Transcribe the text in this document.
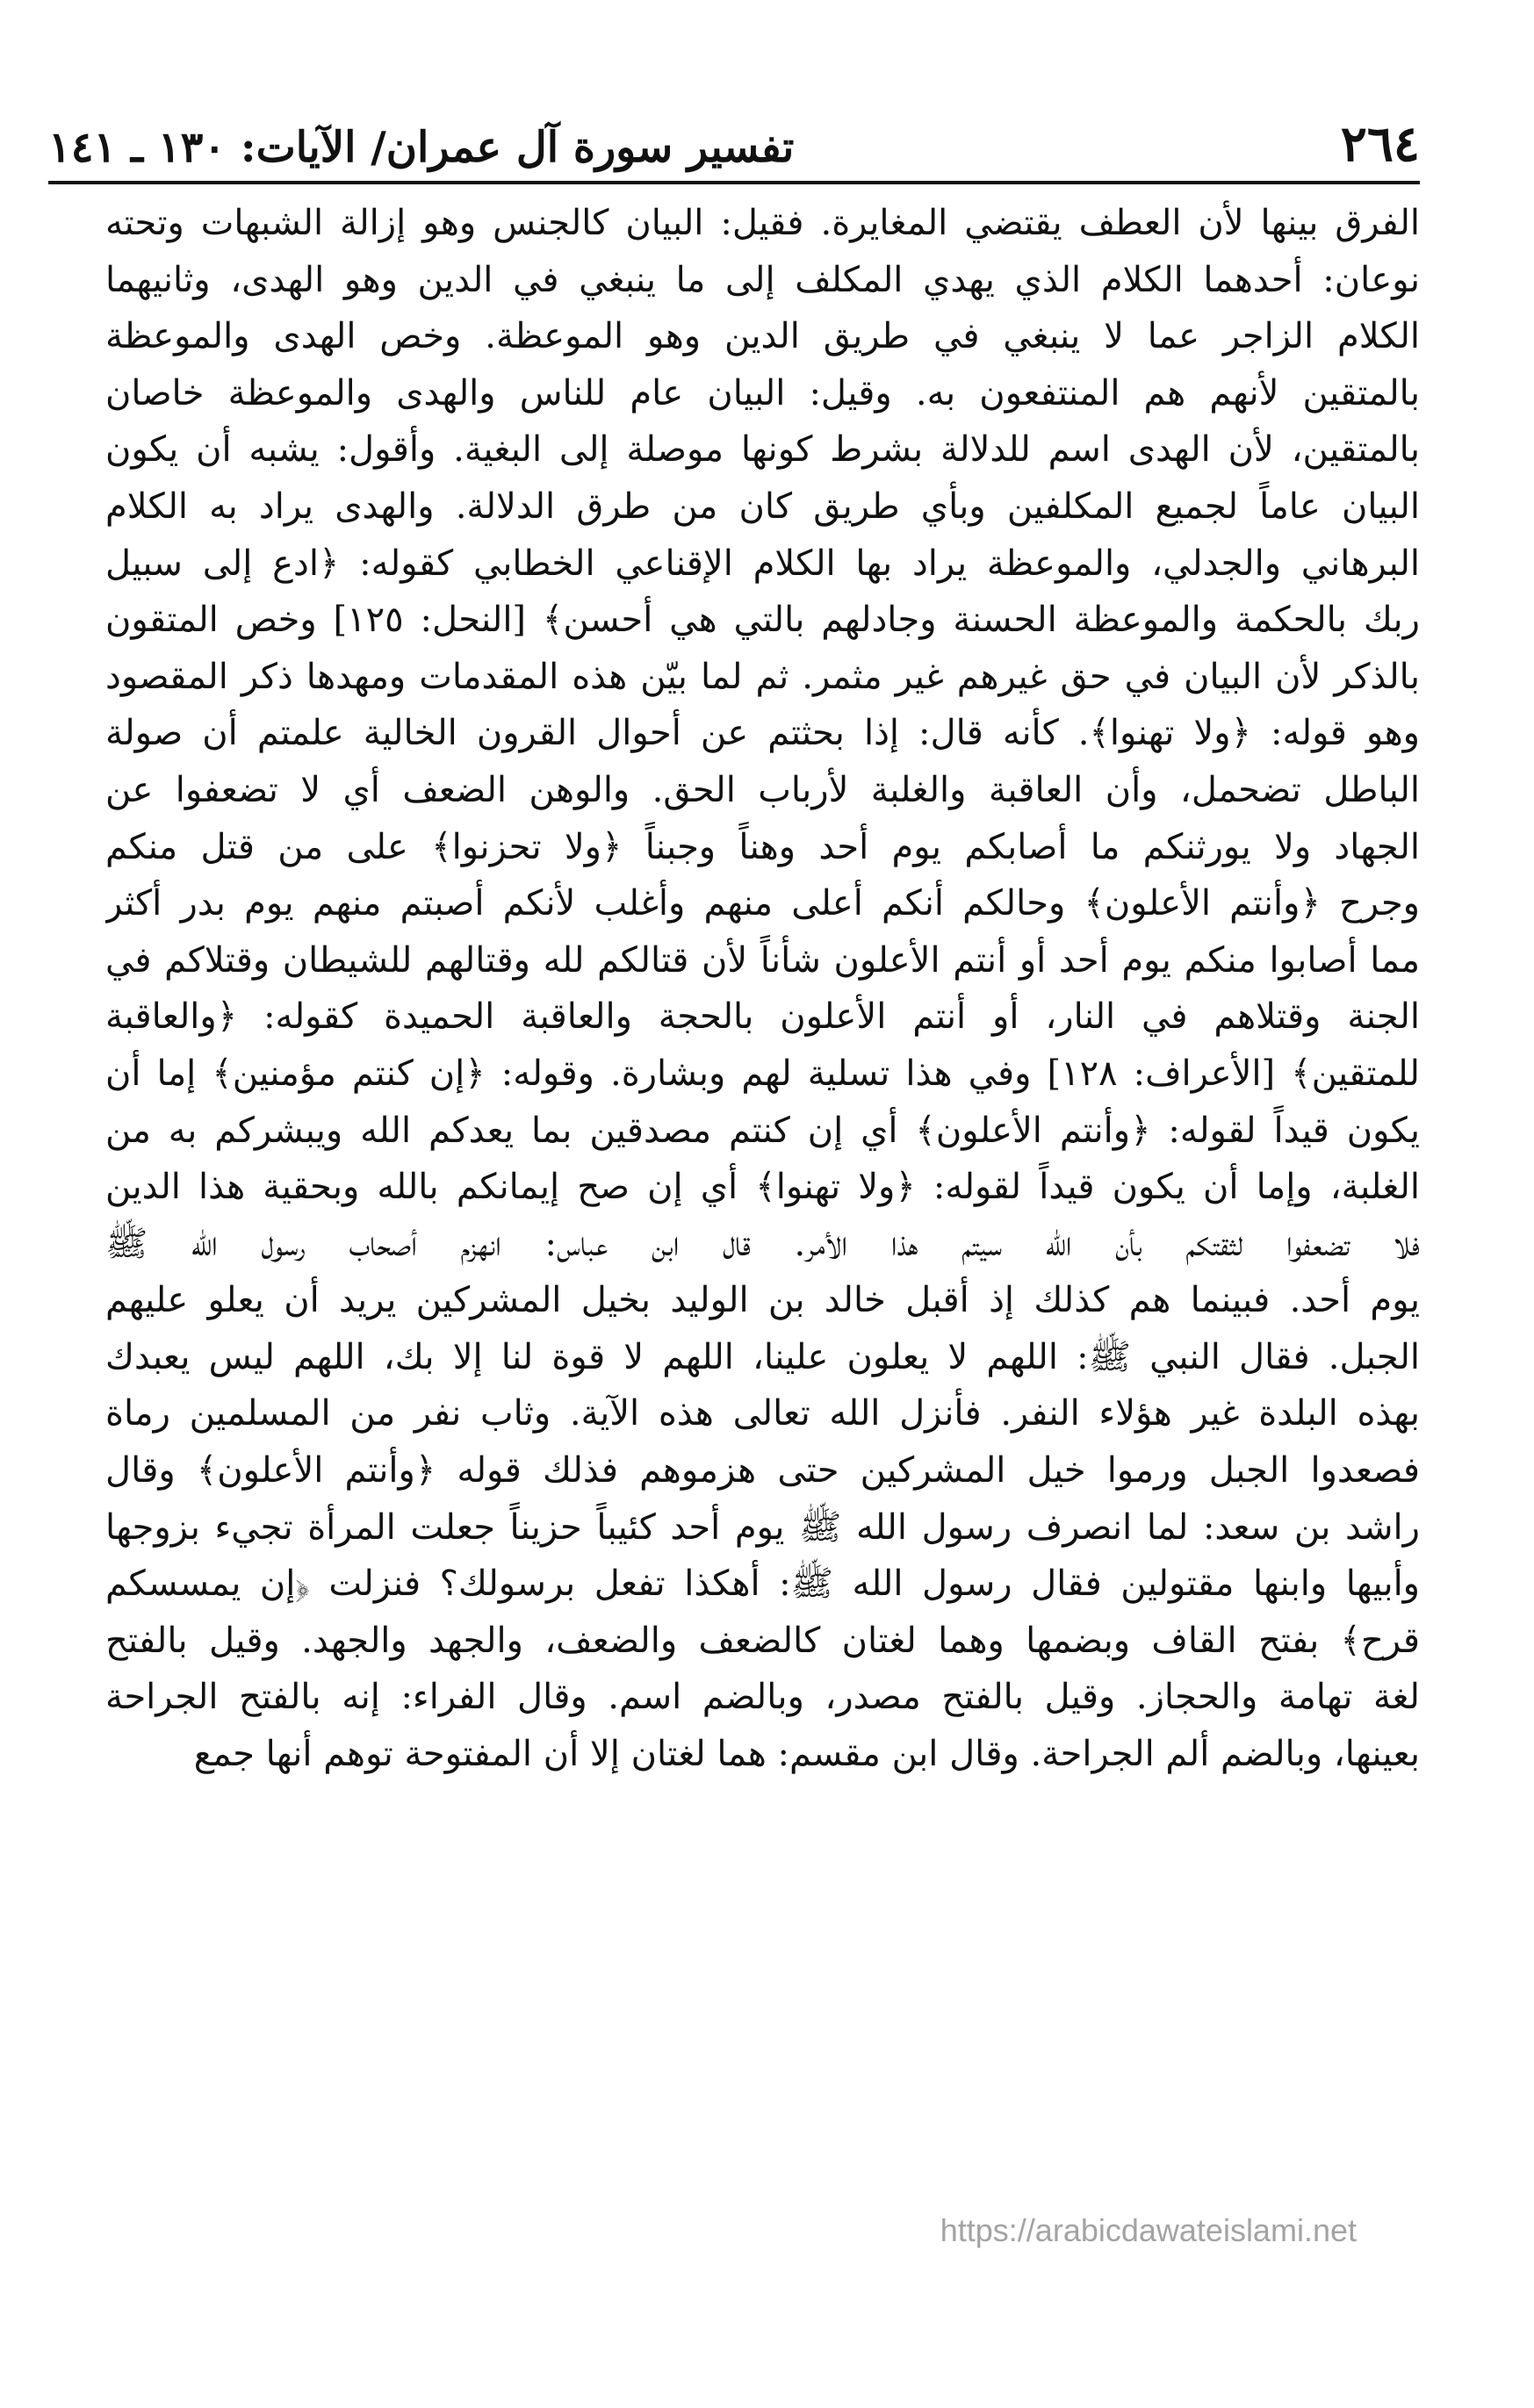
٢٦٤
تفسير سورة آل عمران/ الآيات: ١٣٠ ـ ١٤١
الفرق بينها لأن العطف يقتضي المغايرة. فقيل: البيان كالجنس وهو إزالة الشبهات وتحته
نوعان: أحدهما الكلام الذي يهدي المكلف إلى ما ينبغي في الدين وهو الهدى، وثانيهما
الكلام الزاجر عما لا ينبغي في طريق الدين وهو الموعظة. وخص الهدى والموعظة
بالمتقين لأنهم هم المنتفعون به. وقيل: البيان عام للناس والهدى والموعظة خاصان
بالمتقين، لأن الهدى اسم للدلالة بشرط كونها موصلة إلى البغية. وأقول: يشبه أن يكون
البيان عاماً لجميع المكلفين وبأي طريق كان من طرق الدلالة. والهدى يراد به الكلام
البرهاني والجدلي، والموعظة يراد بها الكلام الإقناعي الخطابي كقوله: ﴿ادع إلى سبيل
ربك بالحكمة والموعظة الحسنة وجادلهم بالتي هي أحسن﴾ [النحل: ١٢٥] وخص المتقون
بالذكر لأن البيان في حق غيرهم غير مثمر. ثم لما بيّن هذه المقدمات ومهدها ذكر المقصود
وهو قوله: ﴿ولا تهنوا﴾. كأنه قال: إذا بحثتم عن أحوال القرون الخالية علمتم أن صولة
الباطل تضحمل، وأن العاقبة والغلبة لأرباب الحق. والوهن الضعف أي لا تضعفوا عن
الجهاد ولا يورثنكم ما أصابكم يوم أحد وهناً وجبناً ﴿ولا تحزنوا﴾ على من قتل منكم
وجرح ﴿وأنتم الأعلون﴾ وحالكم أنكم أعلى منهم وأغلب لأنكم أصبتم منهم يوم بدر أكثر
مما أصابوا منكم يوم أحد أو أنتم الأعلون شأناً لأن قتالكم لله وقتالهم للشيطان وقتلاكم في
الجنة وقتلاهم في النار، أو أنتم الأعلون بالحجة والعاقبة الحميدة كقوله: ﴿والعاقبة
للمتقين﴾ [الأعراف: ١٢٨] وفي هذا تسلية لهم وبشارة. وقوله: ﴿إن كنتم مؤمنين﴾ إما أن
يكون قيداً لقوله: ﴿وأنتم الأعلون﴾ أي إن كنتم مصدقين بما يعدكم الله ويبشركم به من
الغلبة، وإما أن يكون قيداً لقوله: ﴿ولا تهنوا﴾ أي إن صح إيمانكم بالله وبحقية هذا الدين
فلا تضعفوا لثقتكم بأن الله سيتم هذا الأمر. قال ابن عباس: انهزم أصحاب رسول الله ﷺ
يوم أحد. فبينما هم كذلك إذ أقبل خالد بن الوليد بخيل المشركين يريد أن يعلو عليهم
الجبل. فقال النبي ﷺ: اللهم لا يعلون علينا، اللهم لا قوة لنا إلا بك، اللهم ليس يعبدك
بهذه البلدة غير هؤلاء النفر. فأنزل الله تعالى هذه الآية. وثاب نفر من المسلمين رماة
فصعدوا الجبل ورموا خيل المشركين حتى هزموهم فذلك قوله ﴿وأنتم الأعلون﴾ وقال
راشد بن سعد: لما انصرف رسول الله ﷺ يوم أحد كئيباً حزيناً جعلت المرأة تجيء بزوجها
وأبيها وابنها مقتولين فقال رسول الله ﷺ: أهكذا تفعل برسولك؟ فنزلت ﴿إن يمسسكم
قرح﴾ بفتح القاف وبضمها وهما لغتان كالضعف والضعف، والجهد والجهد. وقيل بالفتح
لغة تهامة والحجاز. وقيل بالفتح مصدر، وبالضم اسم. وقال الفراء: إنه بالفتح الجراحة
بعينها، وبالضم ألم الجراحة. وقال ابن مقسم: هما لغتان إلا أن المفتوحة توهم أنها جمع
https://arabicdawateislami.net
